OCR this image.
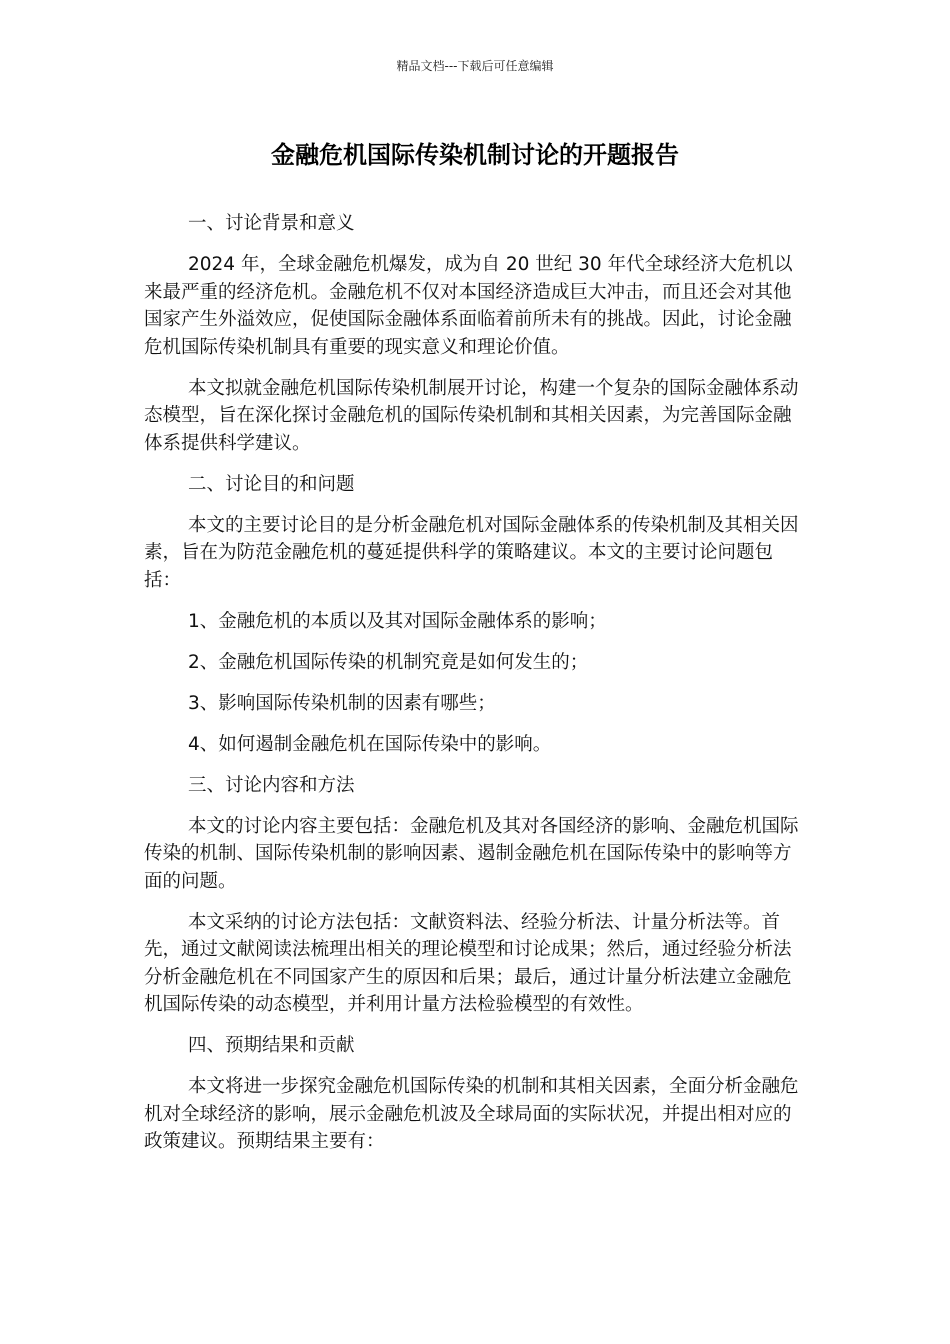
精品文档---下载后可任意编辑
金融危机国际传染机制讨论的开题报告

一、讨论背景和意义

2024 年，全球金融危机爆发，成为自 20 世纪 30 年代全球经济大危机以来最严重的经济危机。金融危机不仅对本国经济造成巨大冲击，而且还会对其他国家产生外溢效应，促使国际金融体系面临着前所未有的挑战。因此，讨论金融危机国际传染机制具有重要的现实意义和理论价值。

本文拟就金融危机国际传染机制展开讨论，构建一个复杂的国际金融体系动态模型，旨在深化探讨金融危机的国际传染机制和其相关因素，为完善国际金融体系提供科学建议。

二、讨论目的和问题

本文的主要讨论目的是分析金融危机对国际金融体系的传染机制及其相关因素，旨在为防范金融危机的蔓延提供科学的策略建议。本文的主要讨论问题包括：

1、金融危机的本质以及其对国际金融体系的影响；

2、金融危机国际传染的机制究竟是如何发生的；

3、影响国际传染机制的因素有哪些；

4、如何遏制金融危机在国际传染中的影响。

三、讨论内容和方法

本文的讨论内容主要包括：金融危机及其对各国经济的影响、金融危机国际传染的机制、国际传染机制的影响因素、遏制金融危机在国际传染中的影响等方面的问题。

本文采纳的讨论方法包括：文献资料法、经验分析法、计量分析法等。首先，通过文献阅读法梳理出相关的理论模型和讨论成果；然后，通过经验分析法分析金融危机在不同国家产生的原因和后果；最后，通过计量分析法建立金融危机国际传染的动态模型，并利用计量方法检验模型的有效性。

四、预期结果和贡献

本文将进一步探究金融危机国际传染的机制和其相关因素，全面分析金融危机对全球经济的影响，展示金融危机波及全球局面的实际状况，并提出相对应的政策建议。预期结果主要有：
